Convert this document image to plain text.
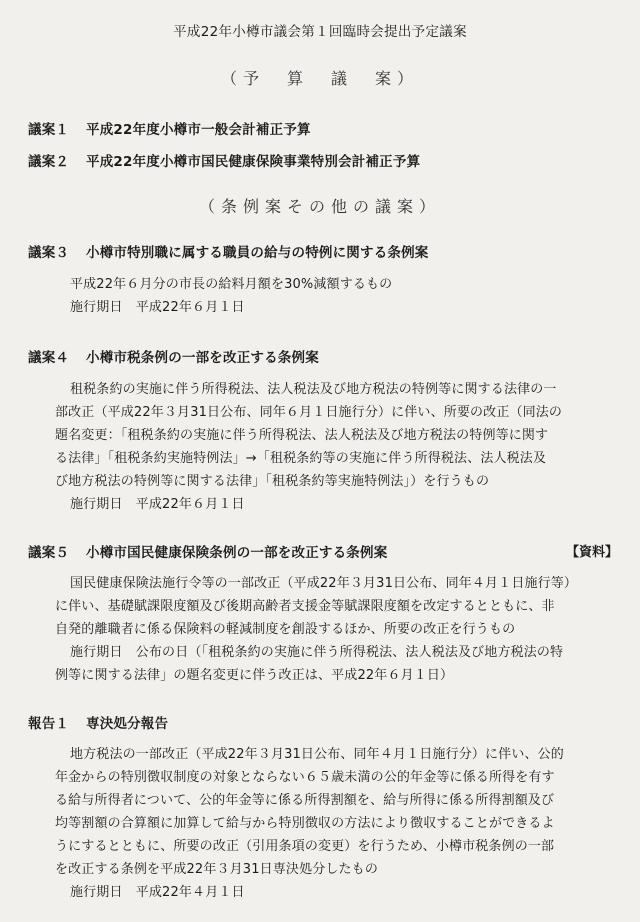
平成22年小樽市議会第１回臨時会提出予定議案
（予　算　議　案）
議案１ 平成22年度小樽市一般会計補正予算
議案２ 平成22年度小樽市国民健康保険事業特別会計補正予算
（条例案その他の議案）
議案３ 小樽市特別職に属する職員の給与の特例に関する条例案
平成22年６月分の市長の給料月額を30%減額するもの
施行期日　平成22年６月１日
議案４ 小樽市税条例の一部を改正する条例案
租税条約の実施に伴う所得税法、法人税法及び地方税法の特例等に関する法律の一
部改正（平成22年３月31日公布、同年６月１日施行分）に伴い、所要の改正（同法の
題名変更：「租税条約の実施に伴う所得税法、法人税法及び地方税法の特例等に関す
る法律」「租税条約実施特例法」→「租税条約等の実施に伴う所得税法、法人税法及
び地方税法の特例等に関する法律」「租税条約等実施特例法」）を行うもの
施行期日　平成22年６月１日
議案５ 小樽市国民健康保険条例の一部を改正する条例案	【資料】
国民健康保険法施行令等の一部改正（平成22年３月31日公布、同年４月１日施行等）
に伴い、基礎賦課限度額及び後期高齢者支援金等賦課限度額を改定するとともに、非
自発的離職者に係る保険料の軽減制度を創設するほか、所要の改正を行うもの
施行期日　公布の日（「租税条約の実施に伴う所得税法、法人税法及び地方税法の特
例等に関する法律」の題名変更に伴う改正は、平成22年６月１日）
報告１ 専決処分報告
地方税法の一部改正（平成22年３月31日公布、同年４月１日施行分）に伴い、公的
年金からの特別徴収制度の対象とならない６５歳未満の公的年金等に係る所得を有す
る給与所得者について、公的年金等に係る所得割額を、給与所得に係る所得割額及び
均等割額の合算額に加算して給与から特別徴収の方法により徴収することができるよ
うにするとともに、所要の改正（引用条項の変更）を行うため、小樽市税条例の一部
を改正する条例を平成22年３月31日専決処分したもの
施行期日　平成22年４月１日
